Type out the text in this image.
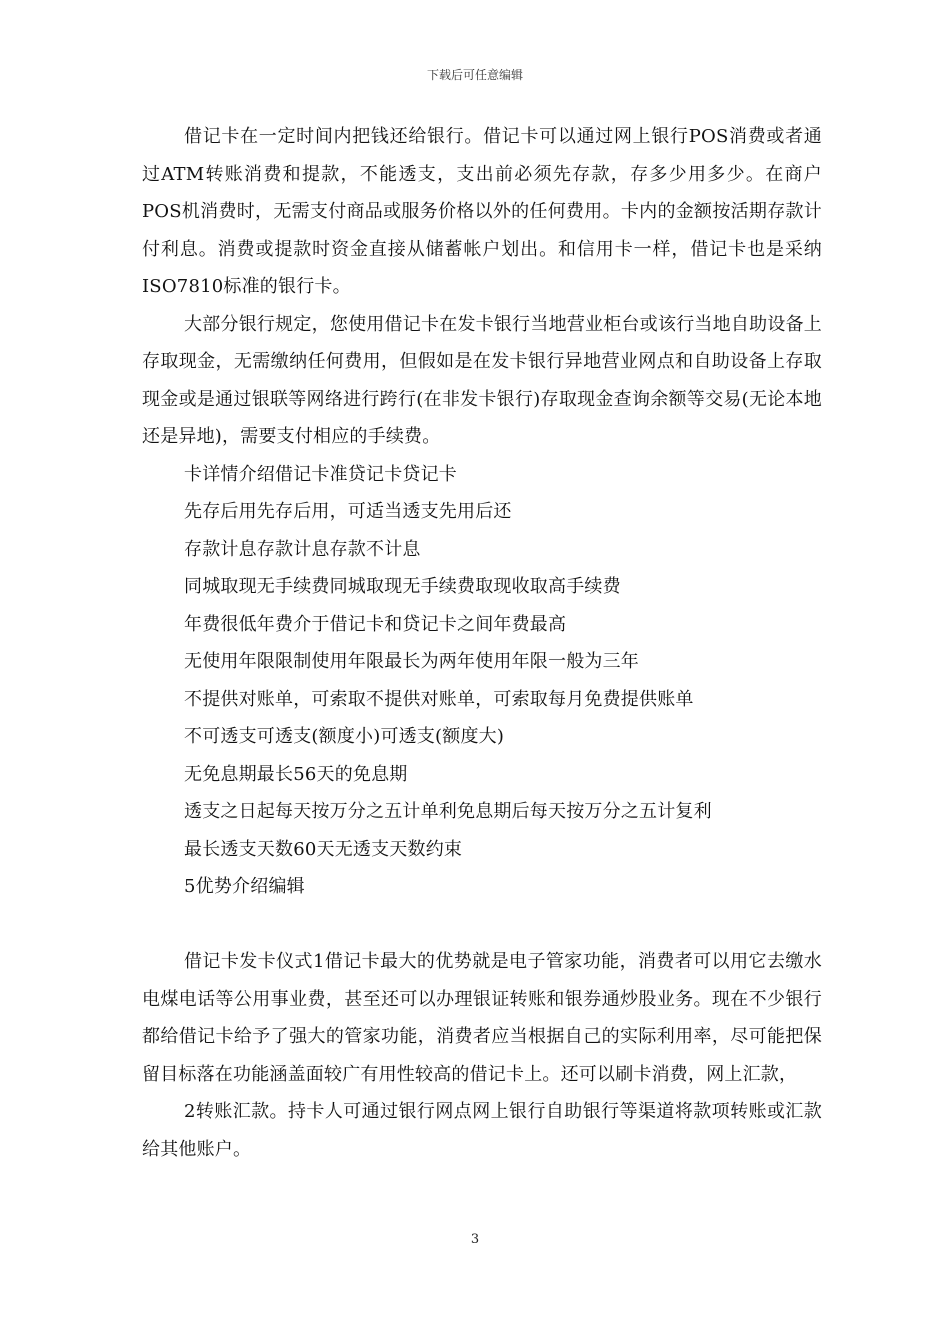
下载后可任意编辑

借记卡在一定时间内把钱还给银行。借记卡可以通过网上银行POS消费或者通过ATM转账消费和提款，不能透支，支出前必须先存款，存多少用多少。在商户POS机消费时，无需支付商品或服务价格以外的任何费用。卡内的金额按活期存款计付利息。消费或提款时资金直接从储蓄帐户划出。和信用卡一样，借记卡也是采纳ISO7810标准的银行卡。

大部分银行规定，您使用借记卡在发卡银行当地营业柜台或该行当地自助设备上存取现金，无需缴纳任何费用，但假如是在发卡银行异地营业网点和自助设备上存取现金或是通过银联等网络进行跨行(在非发卡银行)存取现金查询余额等交易(无论本地还是异地)，需要支付相应的手续费。

卡详情介绍借记卡准贷记卡贷记卡

先存后用先存后用，可适当透支先用后还

存款计息存款计息存款不计息

同城取现无手续费同城取现无手续费取现收取高手续费

年费很低年费介于借记卡和贷记卡之间年费最高

无使用年限限制使用年限最长为两年使用年限一般为三年

不提供对账单，可索取不提供对账单，可索取每月免费提供账单

不可透支可透支(额度小)可透支(额度大)

无免息期最长56天的免息期

透支之日起每天按万分之五计单利免息期后每天按万分之五计复利

最长透支天数60天无透支天数约束

5优势介绍编辑

借记卡发卡仪式1借记卡最大的优势就是电子管家功能，消费者可以用它去缴水电煤电话等公用事业费，甚至还可以办理银证转账和银券通炒股业务。现在不少银行都给借记卡给予了强大的管家功能，消费者应当根据自己的实际利用率，尽可能把保留目标落在功能涵盖面较广有用性较高的借记卡上。还可以刷卡消费，网上汇款，

2转账汇款。持卡人可通过银行网点网上银行自助银行等渠道将款项转账或汇款给其他账户。

3
